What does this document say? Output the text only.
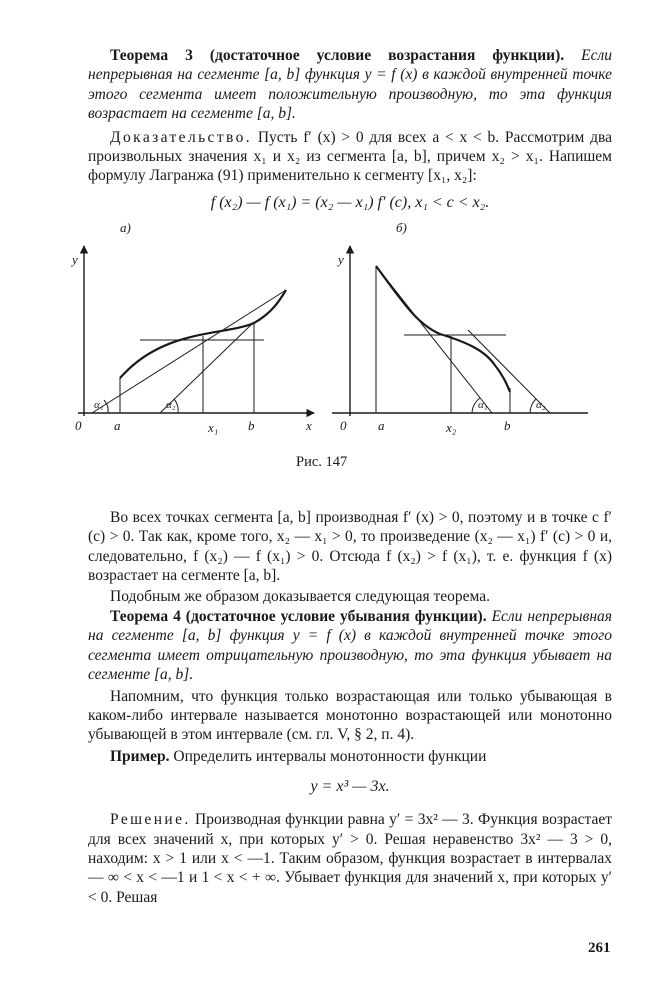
Теорема 3 (достаточное условие возрастания функции). Если непрерывная на сегменте [a, b] функция y = f (x) в каждой внутренней точке этого сегмента имеет положительную производную, то эта функция возрастает на сегменте [a, b].

Доказательство. Пусть f′ (x) > 0 для всех a < x < b. Рассмотрим два произвольных значения x₁ и x₂ из сегмента [a, b], причем x₂ > x₁. Напишем формулу Лагранжа (91) применительно к сегменту [x₁, x₂]:

f (x₂) — f (x₁) = (x₂ — x₁) f′ (c), x₁ < c < x₂.
а)
y
x
0	a	x₁ b
α₁	α₂
б)
y
0 a	x₂	b
α₁	α₂
Рис. 147

Во всех точках сегмента [a, b] производная f′ (x) > 0, поэтому и в точке c f′ (c) > 0. Так как, кроме того, x₂ — x₁ > 0, то произведение (x₂ — x₁) f′ (c) > 0 и, следовательно, f (x₂) — f (x₁) > 0. Отсюда f (x₂) > f (x₁), т. е. функция f (x) возрастает на сегменте [a, b].

Подобным же образом доказывается следующая теорема.

Теорема 4 (достаточное условие убывания функции). Если непрерывная на сегменте [a, b] функция y = f (x) в каждой внутренней точке этого сегмента имеет отрицательную производную, то эта функция убывает на сегменте [a, b].

Напомним, что функция только возрастающая или только убывающая в каком-либо интервале называется монотонно возрастающей или монотонно убывающей в этом интервале (см. гл. V, § 2, п. 4).

Пример. Определить интервалы монотонности функции

y = x³ — 3x.

Решение. Производная функции равна y′ = 3x² — 3. Функция возрастает для всех значений x, при которых y′ > 0. Решая неравенство 3x² — 3 > 0, находим: x > 1 или x < —1. Таким образом, функция возрастает в интервалах — ∞ < x < —1 и 1 < x < + ∞. Убывает функция для значений x, при которых y′ < 0. Решая

261
